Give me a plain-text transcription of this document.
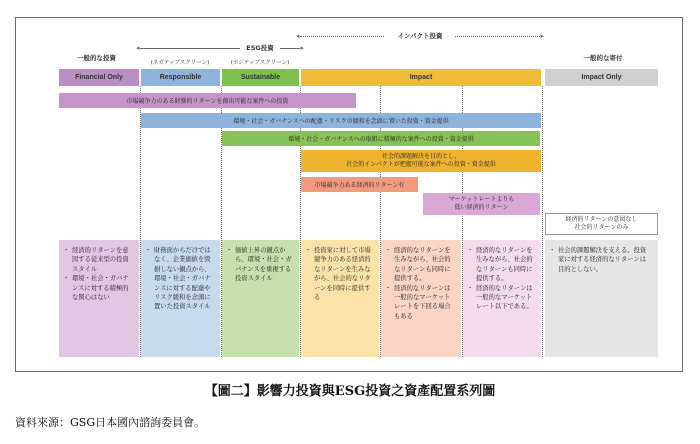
◂	▸
インパクト投資
◂	▸
ESG投資
一般的な投資	一般的な寄付
(ネガティブスクリーン)	(ポジティブスクリーン)
Financial Only	Responsible	Sustainable	Impact	Impact Only
市場競争力のある財務的リターンを創出可能な案件への投資
環境・社会・ガバナンスへの配慮・リスクの緩和を念頭に置いた投資・資金提供
環境・社会・ガバナンスへの取組に積極的な案件への投資・資金提供
社会的課題解決を目的とし、
社会的インパクトが把握可能な案件への投資・資金提供
市場競争力ある経済的リターン有
マーケットレートよりも
低い経済的リターン
経済的リターンの意図なし
社会的リターンのみ
・ 経済的リターンを意図する従来型の投資スタイル
・ 環境・社会・ガバナンスに対する積極的な関心はない
・ 財務面からだけではなく、企業価値を毀損しない観点から、環境・社会・ガバナンスに対する配慮やリスク緩和を念頭に置いた投資スタイル
・ 価値上昇の観点から、環境・社会・ガバナンスを重視する投資スタイル
・ 投資家に対して市場競争力のある経済的なリターンを生みながら、社会的なリターンを同時に提供する
・ 経済的なリターンを生みながら、社会的なリターンも同時に提供する。
・ 経済的なリターンは一般的なマーケットレートを下回る場合もある
・ 経済的なリターンを生みながら、社会的なリターンも同時に提供する。
・ 経済的なリターンは一般的なマーケットレート以下である。
・ 社会的課題解決を支える。投資家に対する経済的なリターンは目的としない。
【圖二】影響力投資與ESG投資之資產配置系列圖
資料來源：GSG日本國內諮詢委員會。
